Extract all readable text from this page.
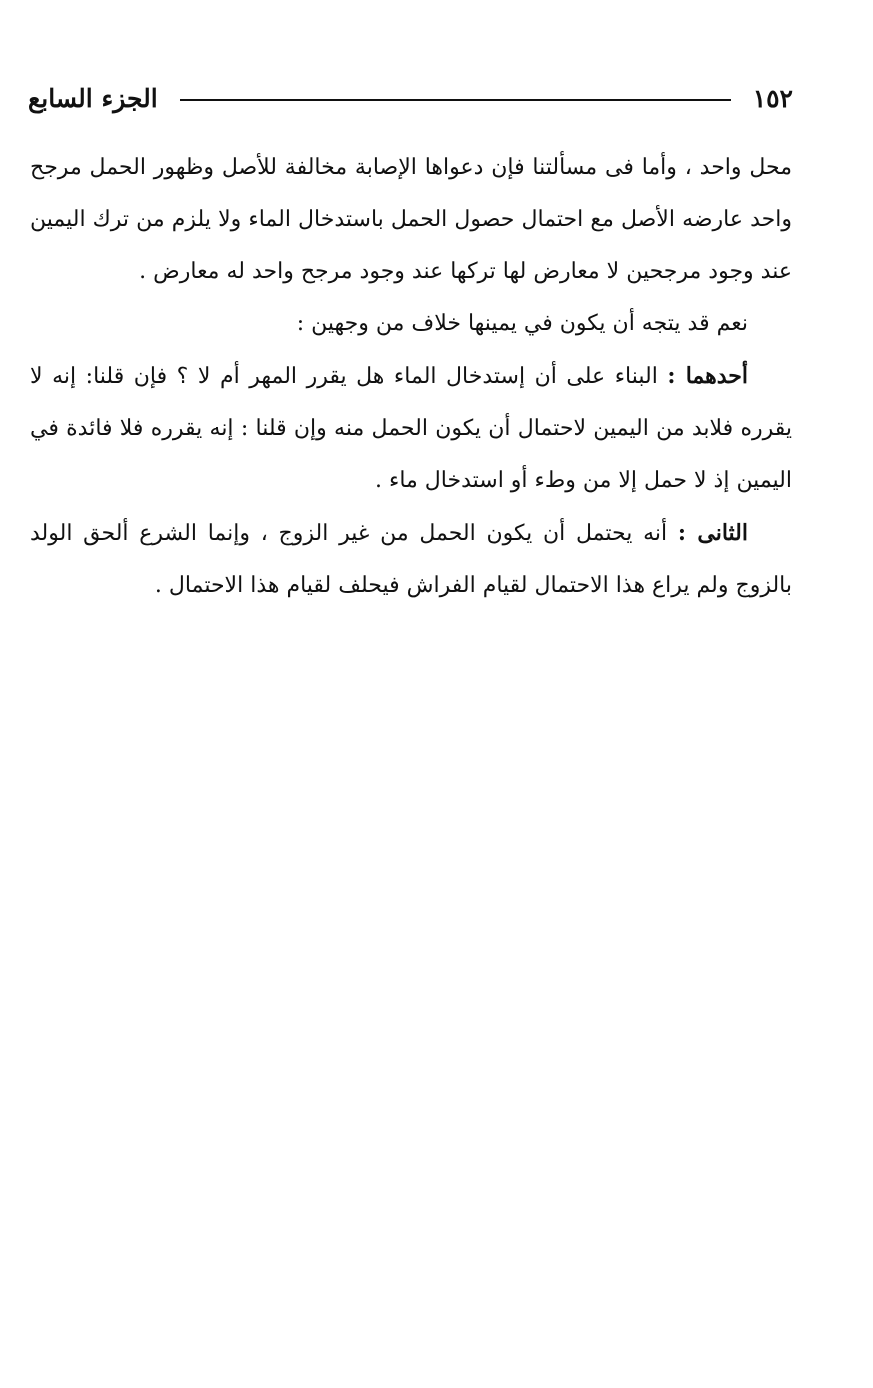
١٥٢
الجزء السابع

محل واحد ، وأما فى مسألتنا فإن دعواها الإصابة مخالفة للأصل وظهور الحمل مرجح واحد عارضه الأصل مع احتمال حصول الحمل باستدخال الماء ولا يلزم من ترك اليمين عند وجود مرجحين لا معارض لها تركها عند وجود مرجح واحد له معارض .

نعم قد يتجه أن يكون في يمينها خلاف من وجهين :

أحدهما : البناء على أن إستدخال الماء هل يقرر المهر أم لا ؟ فإن قلنا: إنه لا يقرره فلابد من اليمين لاحتمال أن يكون الحمل منه وإن قلنا : إنه يقرره فلا فائدة في اليمين إذ لا حمل إلا من وطء أو استدخال ماء .

الثانى : أنه يحتمل أن يكون الحمل من غير الزوج ، وإنما الشرع ألحق الولد بالزوج ولم يراع هذا الاحتمال لقيام الفراش فيحلف لقيام هذا الاحتمال .
